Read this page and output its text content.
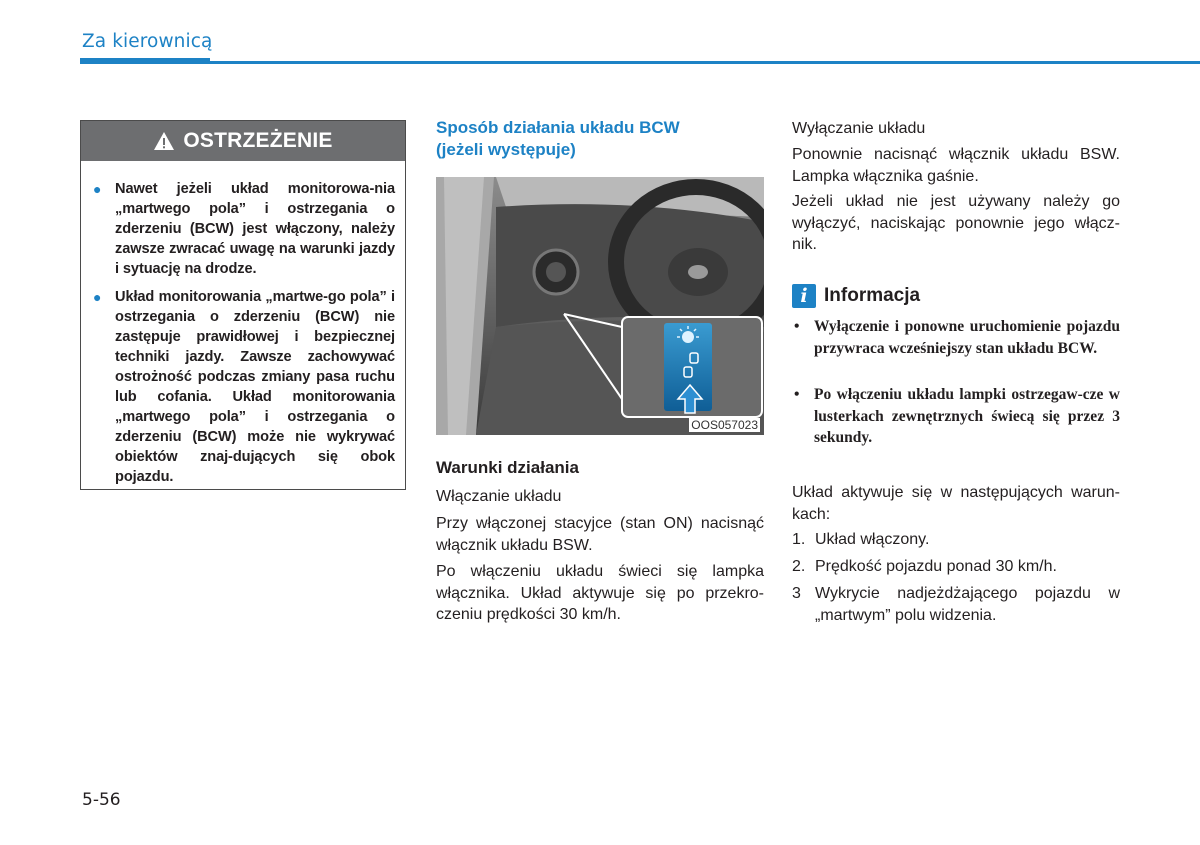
Za kierownicą
OSTRZEŻENIE
● Nawet jeżeli układ monitorowa-nia „martwego pola” i ostrzegania o zderzeniu (BCW) jest włączony, należy zawsze zwracać uwagę na warunki jazdy i sytuację na drodze.
● Układ monitorowania „martwe-go pola” i ostrzegania o zderzeniu (BCW) nie zastępuje prawidłowej i bezpiecznej techniki jazdy. Zawsze zachowywać ostrożność podczas zmiany pasa ruchu lub cofania. Układ monitorowania „martwego pola” i ostrzegania o zderzeniu (BCW) może nie wykrywać obiektów znaj-dujących się obok pojazdu.
Sposób działania układu BCW
(jeżeli występuje)
OOS057023
Warunki działania
Włączanie układu
Przy włączonej stacyjce (stan ON) nacisnąć włącznik układu BSW.
Po włączeniu układu świeci się lampka włącznika. Układ aktywuje się po przekro-czeniu prędkości 30 km/h.
Wyłączanie układu
Ponownie nacisnąć włącznik układu BSW. Lampka włącznika gaśnie.
Jeżeli układ nie jest używany należy go wyłączyć, naciskając ponownie jego włącz-nik.
i Informacja
• Wyłączenie i ponowne uruchomienie pojazdu przywraca wcześniejszy stan układu BCW.
• Po włączeniu układu lampki ostrzegaw-cze w lusterkach zewnętrznych świecą się przez 3 sekundy.
Układ aktywuje się w następujących warun-kach:
1. Układ włączony.
2. Prędkość pojazdu ponad 30 km/h.
3 Wykrycie nadjeżdżającego pojazdu w „martwym” polu widzenia.
5-56
